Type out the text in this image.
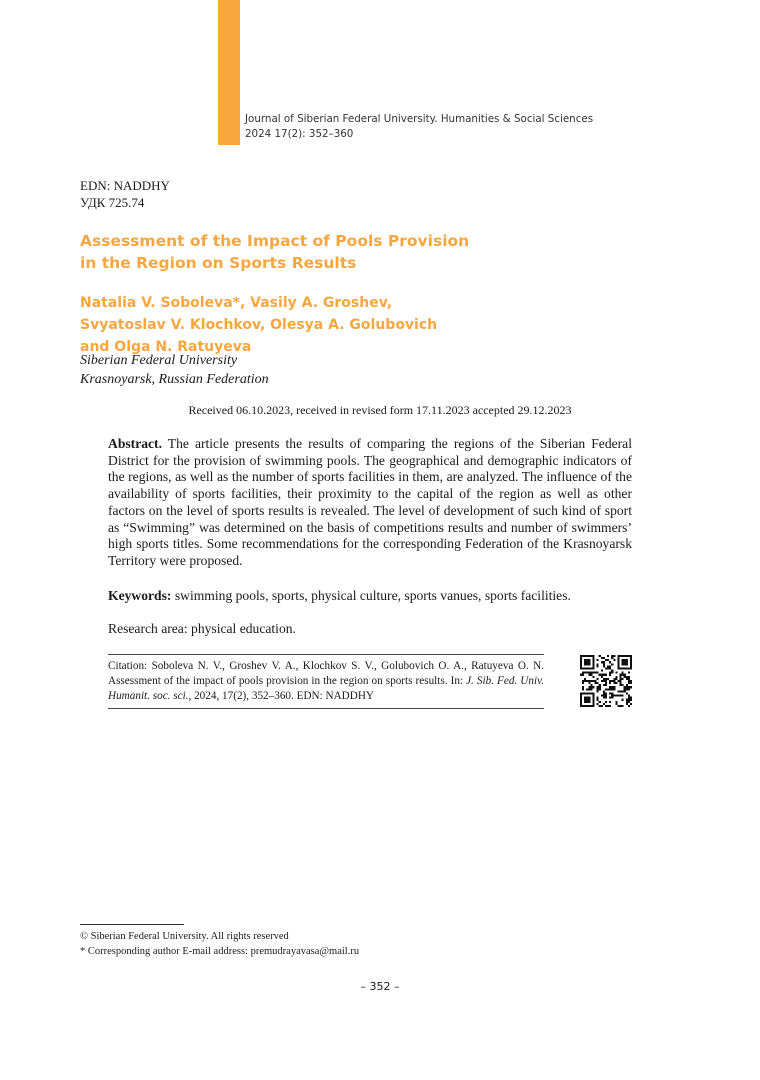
Journal of Siberian Federal University. Humanities & Social Sciences
2024 17(2): 352–360
EDN: NADDHY
УДК 725.74
Assessment of the Impact of Pools Provision
in the Region on Sports Results
Natalia V. Soboleva*, Vasily A. Groshev,
Svyatoslav V. Klochkov, Olesya A. Golubovich
and Olga N. Ratuyeva
Siberian Federal University
Krasnoyarsk, Russian Federation
Received 06.10.2023, received in revised form 17.11.2023 accepted 29.12.2023
Abstract. The article presents the results of comparing the regions of the Siberian Federal District for the provision of swimming pools. The geographical and demographic indicators of the regions, as well as the number of sports facilities in them, are analyzed. The influence of the availability of sports facilities, their proximity to the capital of the region as well as other factors on the level of sports results is revealed. The level of development of such kind of sport as “Swimming” was determined on the basis of competitions results and number of swimmers’ high sports titles. Some recommendations for the corresponding Federation of the Krasnoyarsk Territory were proposed.
Keywords: swimming pools, sports, physical culture, sports vanues, sports facilities.
Research area: physical education.
Citation: Soboleva N. V., Groshev V. A., Klochkov S. V., Golubovich O. A., Ratuyeva O. N. Assessment of the impact of pools provision in the region on sports results. In: J. Sib. Fed. Univ. Humanit. soc. sci., 2024, 17(2), 352–360. EDN: NADDHY
© Siberian Federal University. All rights reserved
* Corresponding author E-mail address: premudrayavasa@mail.ru
– 352 –
